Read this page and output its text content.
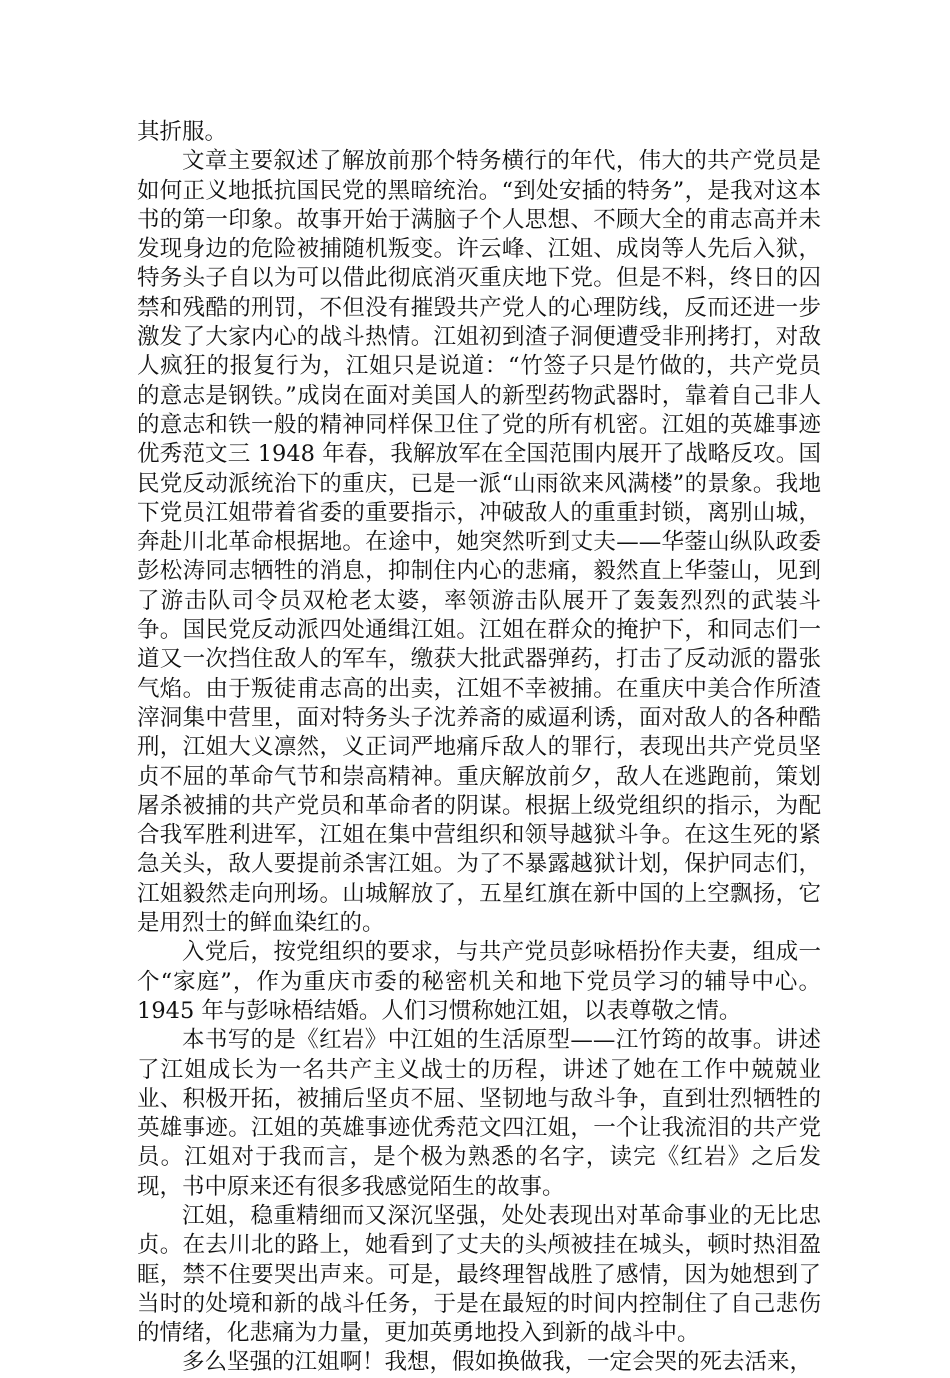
其折服。

文章主要叙述了解放前那个特务横行的年代，伟大的共产党员是如何正义地抵抗国民党的黑暗统治。“到处安插的特务”，是我对这本书的第一印象。故事开始于满脑子个人思想、不顾大全的甫志高并未发现身边的危险被捕随机叛变。许云峰、江姐、成岗等人先后入狱，特务头子自以为可以借此彻底消灭重庆地下党。但是不料，终日的囚禁和残酷的刑罚，不但没有摧毁共产党人的心理防线，反而还进一步激发了大家内心的战斗热情。江姐初到渣子洞便遭受非刑拷打，对敌人疯狂的报复行为，江姐只是说道：“竹签子只是竹做的，共产党员的意志是钢铁。”成岗在面对美国人的新型药物武器时，靠着自己非人的意志和铁一般的精神同样保卫住了党的所有机密。江姐的英雄事迹优秀范文三 1948 年春，我解放军在全国范围内展开了战略反攻。国民党反动派统治下的重庆，已是一派“山雨欲来风满楼”的景象。我地下党员江姐带着省委的重要指示，冲破敌人的重重封锁，离别山城，奔赴川北革命根据地。在途中，她突然听到丈夫——华蓥山纵队政委彭松涛同志牺牲的消息，抑制住内心的悲痛，毅然直上华蓥山，见到了游击队司令员双枪老太婆，率领游击队展开了轰轰烈烈的武装斗争。国民党反动派四处通缉江姐。江姐在群众的掩护下，和同志们一道又一次挡住敌人的军车，缴获大批武器弹药，打击了反动派的嚣张气焰。由于叛徒甫志高的出卖，江姐不幸被捕。在重庆中美合作所渣滓洞集中营里，面对特务头子沈养斋的威逼利诱，面对敌人的各种酷刑，江姐大义凛然，义正词严地痛斥敌人的罪行，表现出共产党员坚贞不屈的革命气节和崇高精神。重庆解放前夕，敌人在逃跑前，策划屠杀被捕的共产党员和革命者的阴谋。根据上级党组织的指示，为配合我军胜利进军，江姐在集中营组织和领导越狱斗争。在这生死的紧急关头，敌人要提前杀害江姐。为了不暴露越狱计划，保护同志们，江姐毅然走向刑场。山城解放了，五星红旗在新中国的上空飘扬，它是用烈士的鲜血染红的。

入党后，按党组织的要求，与共产党员彭咏梧扮作夫妻，组成一个“家庭”，作为重庆市委的秘密机关和地下党员学习的辅导中心。1945 年与彭咏梧结婚。人们习惯称她江姐，以表尊敬之情。

本书写的是《红岩》中江姐的生活原型——江竹筠的故事。讲述了江姐成长为一名共产主义战士的历程，讲述了她在工作中兢兢业业、积极开拓，被捕后坚贞不屈、坚韧地与敌斗争，直到壮烈牺牲的英雄事迹。江姐的英雄事迹优秀范文四江姐，一个让我流泪的共产党员。江姐对于我而言，是个极为熟悉的名字，读完《红岩》之后发现，书中原来还有很多我感觉陌生的故事。

江姐，稳重精细而又深沉坚强，处处表现出对革命事业的无比忠贞。在去川北的路上，她看到了丈夫的头颅被挂在城头，顿时热泪盈眶，禁不住要哭出声来。可是，最终理智战胜了感情，因为她想到了当时的处境和新的战斗任务，于是在最短的时间内控制住了自己悲伤的情绪，化悲痛为力量，更加英勇地投入到新的战斗中。

多么坚强的江姐啊！我想，假如换做我，一定会哭的死去活来，
